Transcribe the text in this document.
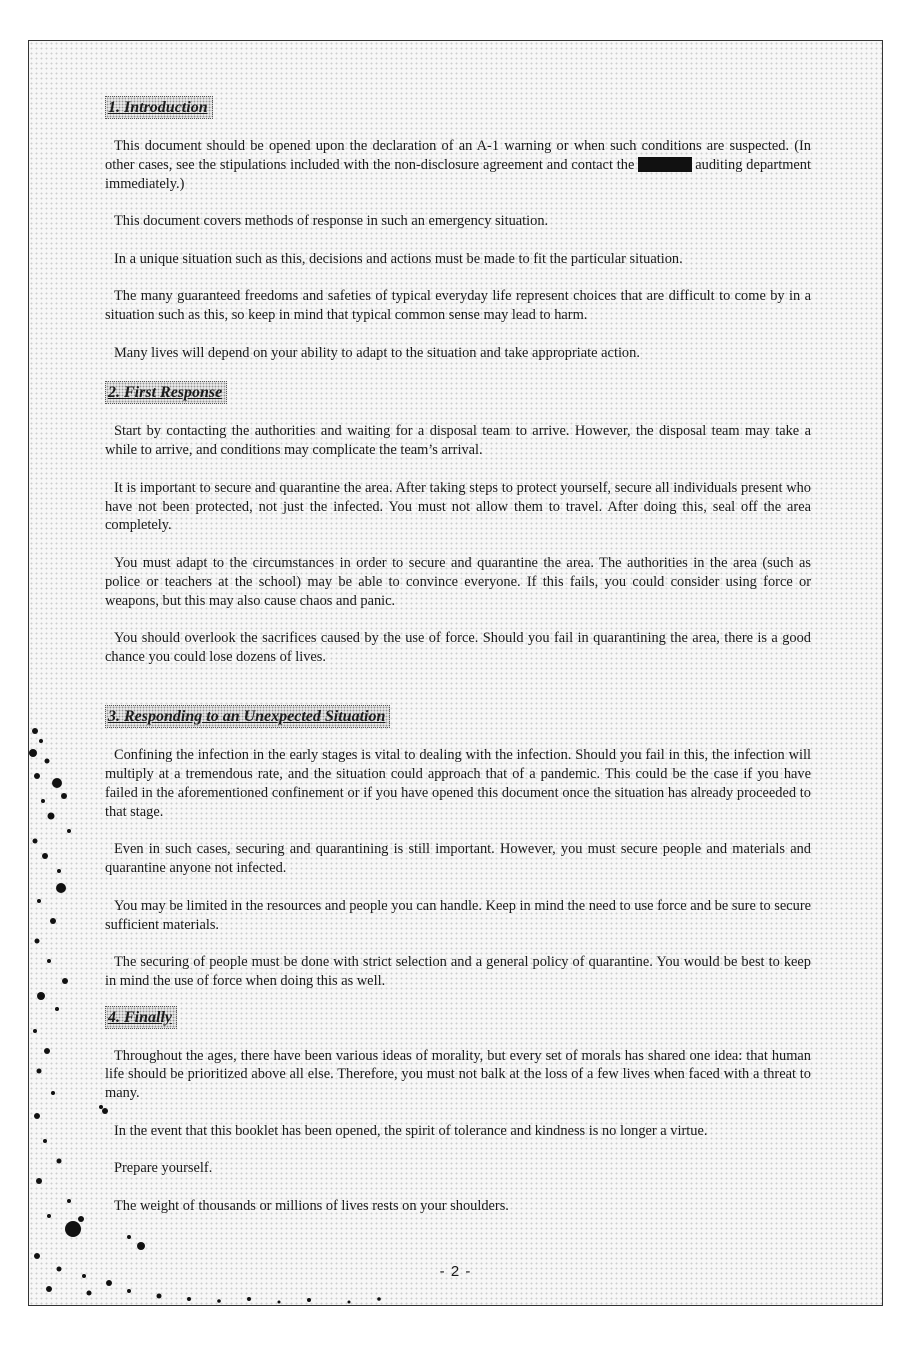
1. Introduction

This document should be opened upon the declaration of an A-1 warning or when such conditions are suspected. (In other cases, see the stipulations included with the non-disclosure agreement and contact the	auditing department immediately.)

This document covers methods of response in such an emergency situation.

In a unique situation such as this, decisions and actions must be made to fit the particular situation.

The many guaranteed freedoms and safeties of typical everyday life represent choices that are difficult to come by in a situation such as this, so keep in mind that typical common sense may lead to harm.

Many lives will depend on your ability to adapt to the situation and take appropriate action.

2. First Response

Start by contacting the authorities and waiting for a disposal team to arrive. However, the disposal team may take a while to arrive, and conditions may complicate the team’s arrival.

It is important to secure and quarantine the area. After taking steps to protect yourself, secure all individuals present who have not been protected, not just the infected. You must not allow them to travel. After doing this, seal off the area completely.

You must adapt to the circumstances in order to secure and quarantine the area. The authorities in the area (such as police or teachers at the school) may be able to convince everyone. If this fails, you could consider using force or weapons, but this may also cause chaos and panic.

You should overlook the sacrifices caused by the use of force. Should you fail in quarantining the area, there is a good chance you could lose dozens of lives.

3. Responding to an Unexpected Situation

Confining the infection in the early stages is vital to dealing with the infection. Should you fail in this, the infection will multiply at a tremendous rate, and the situation could approach that of a pandemic. This could be the case if you have failed in the aforementioned confinement or if you have opened this document once the situation has already proceeded to that stage.

Even in such cases, securing and quarantining is still important. However, you must secure people and materials and quarantine anyone not infected.

You may be limited in the resources and people you can handle. Keep in mind the need to use force and be sure to secure sufficient materials.

The securing of people must be done with strict selection and a general policy of quarantine. You would be best to keep in mind the use of force when doing this as well.

4. Finally

Throughout the ages, there have been various ideas of morality, but every set of morals has shared one idea: that human life should be prioritized above all else. Therefore, you must not balk at the loss of a few lives when faced with a threat to many.

In the event that this booklet has been opened, the spirit of tolerance and kindness is no longer a virtue.

Prepare yourself.

The weight of thousands or millions of lives rests on your shoulders.

- 2 -
